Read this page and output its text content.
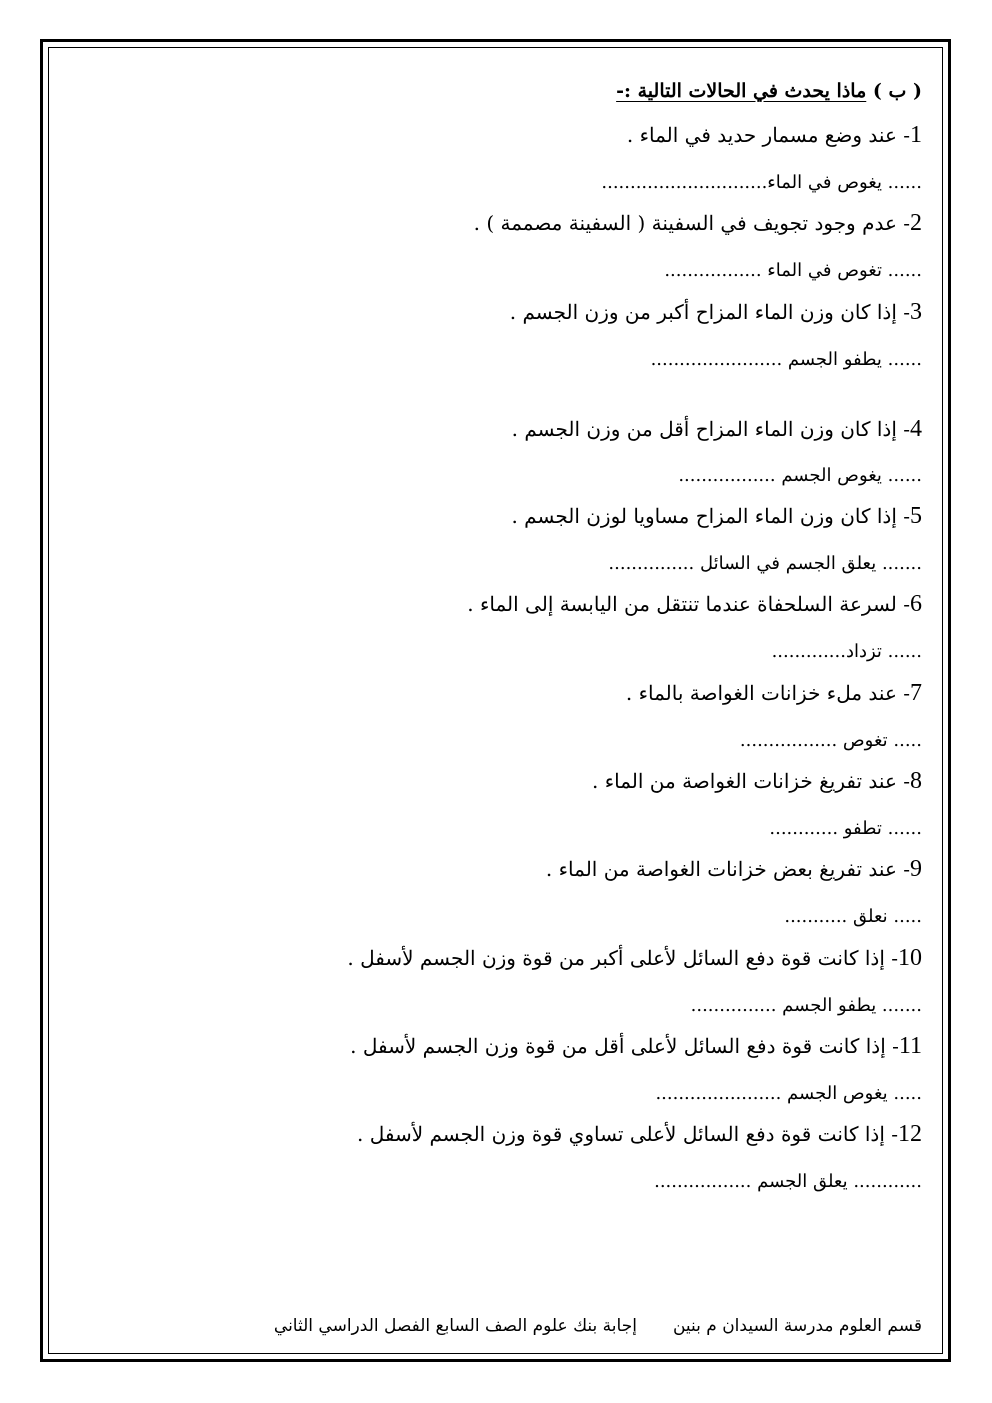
( ب ) ماذا يحدث في الحالات التالية :-
1- عند وضع مسمار حديد في الماء .
...... يغوص في الماء.............................
2- عدم وجود تجويف في السفينة ( السفينة مصممة ) .
...... تغوص في الماء .................
3- إذا كان وزن الماء المزاح أكبر من وزن الجسم .
...... يطفو الجسم .......................
4- إذا كان وزن الماء المزاح أقل من وزن الجسم .
...... يغوص الجسم .................
5- إذا كان وزن الماء المزاح مساويا لوزن الجسم .
....... يعلق الجسم في السائل ...............
6- لسرعة السلحفاة عندما تنتقل من اليابسة إلى الماء .
...... تزداد.............
7- عند ملء خزانات الغواصة بالماء .
..... تغوص .................
8- عند تفريغ خزانات الغواصة من الماء .
...... تطفو ............
9- عند تفريغ بعض خزانات الغواصة من الماء .
..... نعلق ...........
10- إذا كانت قوة دفع السائل لأعلى أكبر من قوة وزن الجسم لأسفل .
....... يطفو الجسم ...............
11- إذا كانت قوة دفع السائل لأعلى أقل من قوة وزن الجسم لأسفل .
..... يغوص الجسم ......................
12- إذا كانت قوة دفع السائل لأعلى تساوي قوة وزن الجسم لأسفل .
............ يعلق الجسم .................
قسم العلوم مدرسة السيدان م بنينإجابة بنك علوم الصف السابع الفصل الدراسي الثاني
